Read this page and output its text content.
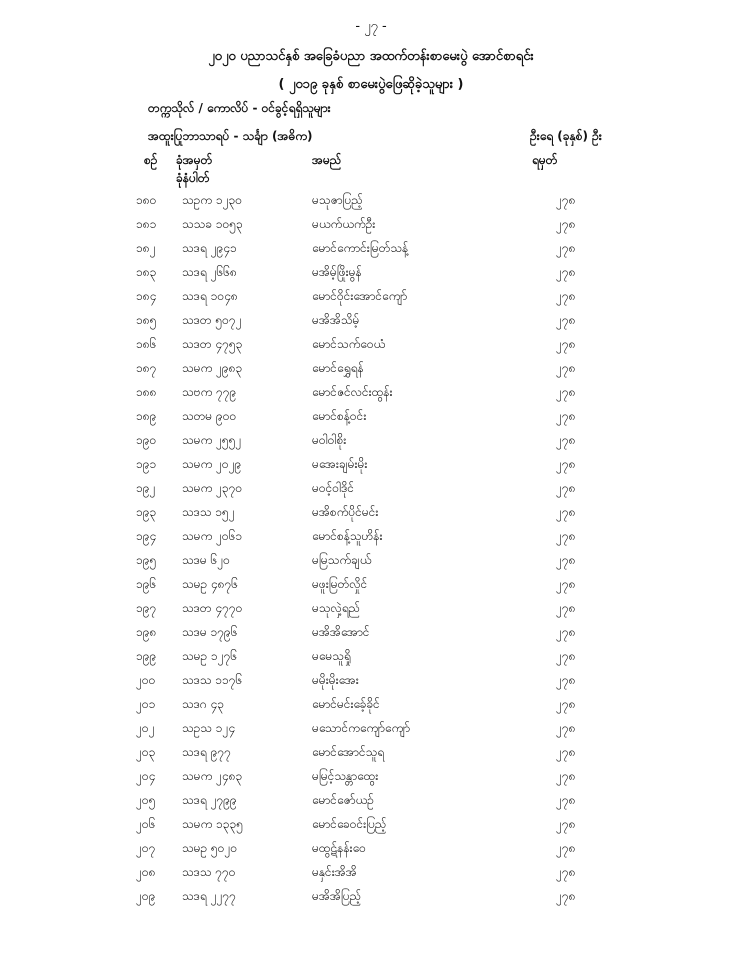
- ၂၇ -
၂၀၂၀ ပညာသင်နှစ် အခြေခံပညာ အထက်တန်းစာမေးပွဲ အောင်စာရင်း
( ၂၀၁၉ ခုနှစ် စာမေးပွဲဖြေဆိုခဲ့သူများ )
တက္ကသိုလ် / ကောလိပ် - ဝင်ခွင့်ရရှိသူများ
အထူးပြုဘာသာရပ် - သင်္ချာ (အဓိက)	ဦးရေ (ခုနှစ်) ဦး
စဉ် ခုံအမှတ်
ခုံနံပါတ်
အမည်	ရမှတ်
၁၈၀	သဥက ၁၂၃၀	မသုဇာပြည့်	၂၇၈
၁၈၁	သသခ ၁၀၅၃	မယက်ယက်ဦး	၂၇၈
၁၈၂	သဒရ ၂၉၄၁	မောင်ကောင်းမြတ်သန့်	၂၇၈
၁၈၃	သဒရ ၂၆၆၈	မအိမ့်ဖြိုးမွန်	၂၇၈
၁၈၄	သဒရ ၁၀၄၈	မောင်ဝိုင်းအောင်ကျော်	၂၇၈
၁၈၅	သဒတ ၅၀၇၂	မအိအိသိမ့်	၂၇၈
၁၈၆	သဒတ ၄၇၅၃	မောင်သက်ဝေယံ	၂၇၈
၁၈၇	သမက ၂၉၈၃	မောင်ရွှေရန်	၂၇၈
၁၈၈	သဗက ၇၇၉	မောင်ဇင်လင်းထွန်း	၂၇၈
၁၈၉	သတမ ၉၀၀	မောင်စန့်ဝင်း	၂၇၈
၁၉၀	သမက ၂၅၅၂	မဝါဝါစိုး	၂၇၈
၁၉၁	သမက ၂၀၂၉	မအေးချမ်းမိုး	၂၇၈
၁၉၂	သမက ၂၃၇၀	မဝင့်ဝါဒိုင်	၂၇၈
၁၉၃	သဒသ ၁၅၂	မအိစက်ပိုင်မင်း	၂၇၈
၁၉၄	သမက ၂၀၆၁	မောင်စန့်သူဟိန်း	၂၇၈
၁၉၅	သဒမ ၆၂၀	မမြသက်ချယ်	၂၇၈
၁၉၆	သမဥ ၄၈၇၆	မဖူးမြတ်လှိုင်	၂၇၈
၁၉၇	သဒတ ၄၇၇၀	မသုလှဲ့ရည်	၂၇၈
၁၉၈	သဒမ ၁၇၉၆	မအိအိအောင်	၂၇၈
၁၉၉	သမဥ ၁၂၇၆	မမေသူရှို	၂၇၈
၂၀၀	သဒသ ၁၁၇၆	မမိုးမိုးအေး	၂၇၈
၂၀၁	သဒဂ ၄၃	မောင်မင်းခေ့်ခိုင်	၂၇၈
၂၀၂	သဥသ ၁၂၄	မသောင်ကကျော်ကျော်	၂၇၈
၂၀၃	သဒရ ၉၇၇	မောင်အောင်သူရ	၂၇၈
၂၀၄	သမက ၂၄၈၃	မမြင့်သန္တာထွေး	၂၇၈
၂၀၅	သဒရ ၂၇၉၉	မောင်ဇော်ယဉ်	၂၇၈
၂၀၆	သမက ၁၃၃၅	မောင်ခေဝင်းပြည့်	၂၇၈
၂၀၇	သမဥ ၅၀၂၀	မထွဋ်နန်းဝေ	၂၇၈
၂၀၈	သဒသ ၇၇၀	မနှင်းအိအိ	၂၇၈
၂၀၉	သဒရ ၂၂၇၇	မအိအိပြည့်	၂၇၈
